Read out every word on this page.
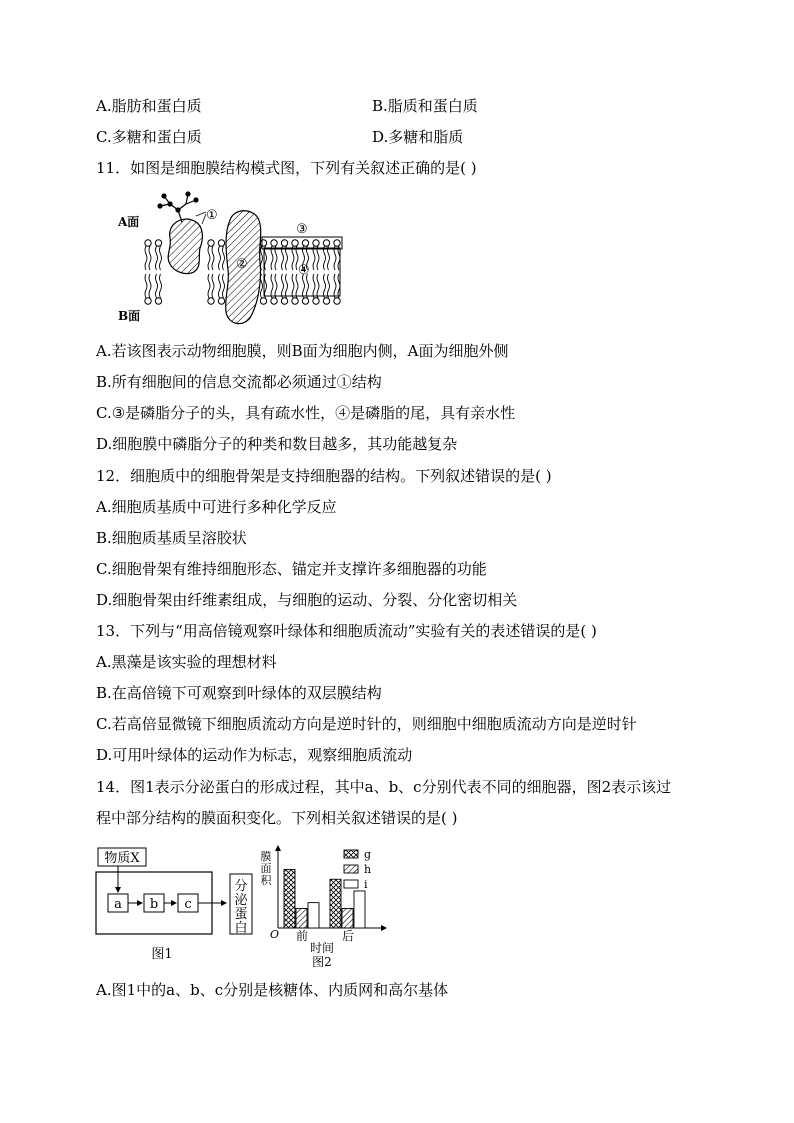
A.脂肪和蛋白质	B.脂质和蛋白质
C.多糖和蛋白质	D.多糖和脂质
11．如图是细胞膜结构模式图，下列有关叙述正确的是( )
A面
B面
①
②
③
④
A.若该图表示动物细胞膜，则B面为细胞内侧，A面为细胞外侧
B.所有细胞间的信息交流都必须通过①结构
C.③是磷脂分子的头，具有疏水性，④是磷脂的尾，具有亲水性
D.细胞膜中磷脂分子的种类和数目越多，其功能越复杂
12．细胞质中的细胞骨架是支持细胞器的结构。下列叙述错误的是( )
A.细胞质基质中可进行多种化学反应
B.细胞质基质呈溶胶状
C.细胞骨架有维持细胞形态、锚定并支撑许多细胞器的功能
D.细胞骨架由纤维素组成，与细胞的运动、分裂、分化密切相关
13．下列与“用高倍镜观察叶绿体和细胞质流动”实验有关的表述错误的是( )
A.黑藻是该实验的理想材料
B.在高倍镜下可观察到叶绿体的双层膜结构
C.若高倍显微镜下细胞质流动方向是逆时针的，则细胞中细胞质流动方向是逆时针
D.可用叶绿体的运动作为标志，观察细胞质流动
14．图1表示分泌蛋白的形成过程，其中a、b、c分别代表不同的细胞器，图2表示该过
程中部分结构的膜面积变化。下列相关叙述错误的是( )
物质X
a b c
分泌蛋白
图1
膜面积
O 前	后
时间
图2
g
h
i
A.图1中的a、b、c分别是核糖体、内质网和高尔基体
